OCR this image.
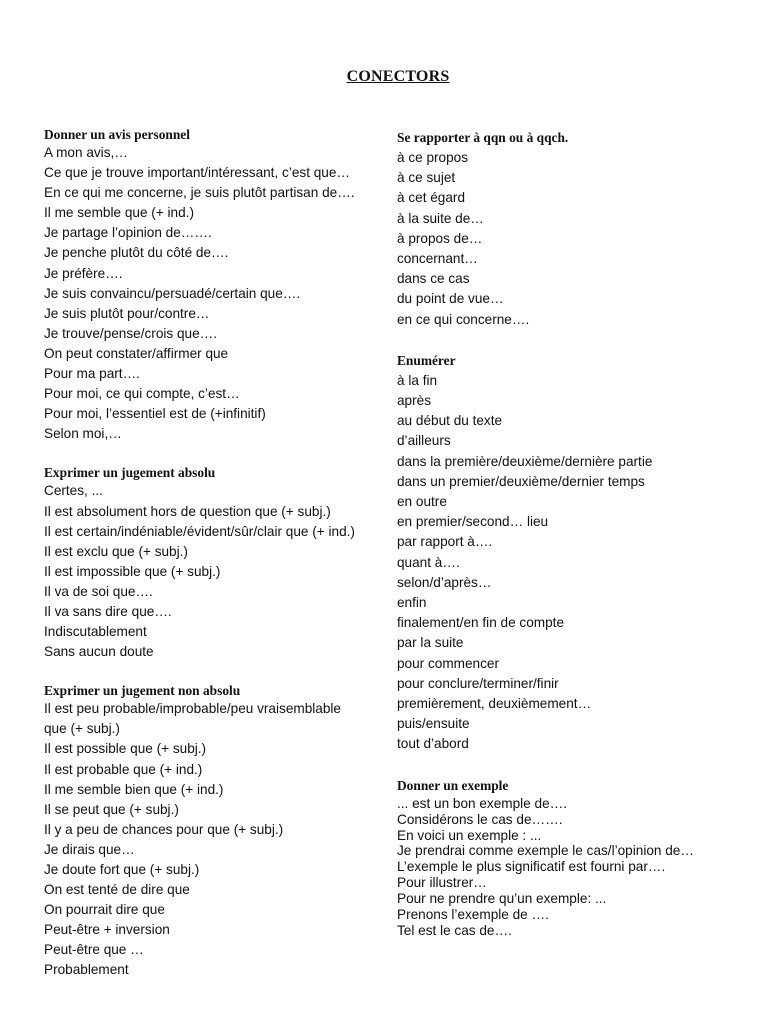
CONECTORS
Donner un avis personnel
A mon avis,…
Ce que je trouve important/intéressant, c’est que…
En ce qui me concerne, je suis plutôt partisan de….
Il me semble que (+ ind.)
Je partage l’opinion de…….
Je penche plutôt du côté de….
Je préfère….
Je suis convaincu/persuadé/certain que….
Je suis plutôt pour/contre…
Je trouve/pense/crois que….
On peut constater/affirmer que
Pour ma part….
Pour moi, ce qui compte, c’est…
Pour moi, l’essentiel est de (+infinitif)
Selon moi,…
Exprimer un jugement absolu
Certes, ...
Il est absolument hors de question que (+ subj.)
Il est certain/indéniable/évident/sûr/clair que (+ ind.)
Il est exclu que (+ subj.)
Il est impossible que (+ subj.)
Il va de soi que….
Il va sans dire que….
Indiscutablement
Sans aucun doute
Exprimer un jugement non absolu
Il est peu probable/improbable/peu vraisemblable
que (+ subj.)
Il est possible que (+ subj.)
Il est probable que (+ ind.)
Il me semble bien que (+ ind.)
Il se peut que (+ subj.)
Il y a peu de chances pour que (+ subj.)
Je dirais que…
Je doute fort que (+ subj.)
On est tenté de dire que
On pourrait dire que
Peut-être + inversion
Peut-être que …
Probablement
Se rapporter à qqn ou à qqch.
à ce propos
à ce sujet
à cet égard
à la suite de…
à propos de…
concernant…
dans ce cas
du point de vue…
en ce qui concerne….
Enumérer
à la fin
après
au début du texte
d’ailleurs
dans la première/deuxième/dernière partie
dans un premier/deuxième/dernier temps
en outre
en premier/second… lieu
par rapport à….
quant à….
selon/d’après…
enfin
finalement/en fin de compte
par la suite
pour commencer
pour conclure/terminer/finir
premièrement, deuxièmement…
puis/ensuite
tout d’abord
Donner un exemple
... est un bon exemple de….
Considérons le cas de…….
En voici un exemple : ...
Je prendrai comme exemple le cas/l’opinion de…
L’exemple le plus significatif est fourni par….
Pour illustrer…
Pour ne prendre qu’un exemple: ...
Prenons l’exemple de ….
Tel est le cas de….
